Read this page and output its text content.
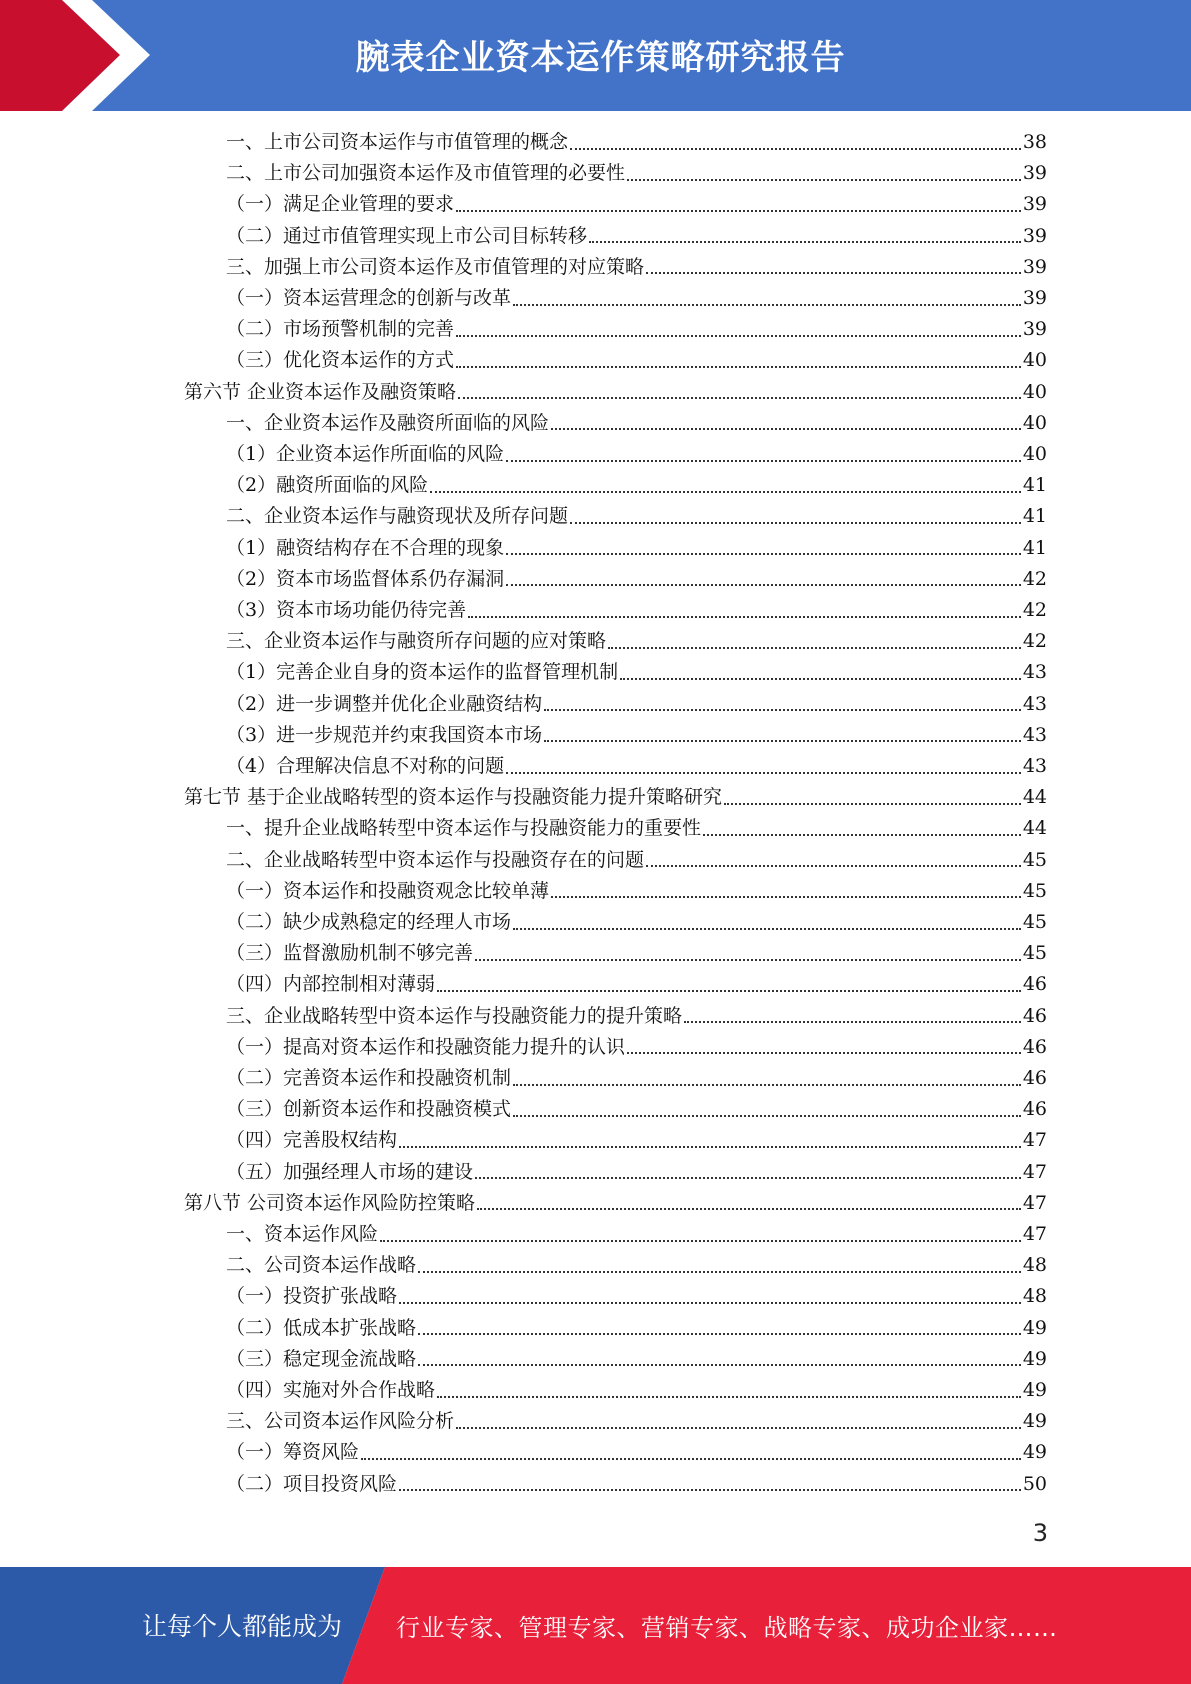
腕表企业资本运作策略研究报告
一、上市公司资本运作与市值管理的概念	38
二、上市公司加强资本运作及市值管理的必要性	39
（一）满足企业管理的要求	39
（二）通过市值管理实现上市公司目标转移	39
三、加强上市公司资本运作及市值管理的对应策略	39
（一）资本运营理念的创新与改革	39
（二）市场预警机制的完善	39
（三）优化资本运作的方式	40
第六节 企业资本运作及融资策略	40
一、企业资本运作及融资所面临的风险	40
（1）企业资本运作所面临的风险	40
（2）融资所面临的风险	41
二、企业资本运作与融资现状及所存问题	41
（1）融资结构存在不合理的现象	41
（2）资本市场监督体系仍存漏洞	42
（3）资本市场功能仍待完善	42
三、企业资本运作与融资所存问题的应对策略	42
（1）完善企业自身的资本运作的监督管理机制	43
（2）进一步调整并优化企业融资结构	43
（3）进一步规范并约束我国资本市场	43
（4）合理解决信息不对称的问题	43
第七节 基于企业战略转型的资本运作与投融资能力提升策略研究	44
一、提升企业战略转型中资本运作与投融资能力的重要性	44
二、企业战略转型中资本运作与投融资存在的问题	45
（一）资本运作和投融资观念比较单薄	45
（二）缺少成熟稳定的经理人市场	45
（三）监督激励机制不够完善	45
（四）内部控制相对薄弱	46
三、企业战略转型中资本运作与投融资能力的提升策略	46
（一）提高对资本运作和投融资能力提升的认识	46
（二）完善资本运作和投融资机制	46
（三）创新资本运作和投融资模式	46
（四）完善股权结构	47
（五）加强经理人市场的建设	47
第八节 公司资本运作风险防控策略	47
一、资本运作风险	47
二、公司资本运作战略	48
（一）投资扩张战略	48
（二）低成本扩张战略	49
（三）稳定现金流战略	49
（四）实施对外合作战略	49
三、公司资本运作风险分析	49
（一）筹资风险	49
（二）项目投资风险	50
3
让每个人都能成为 行业专家、管理专家、营销专家、战略专家、成功企业家……
